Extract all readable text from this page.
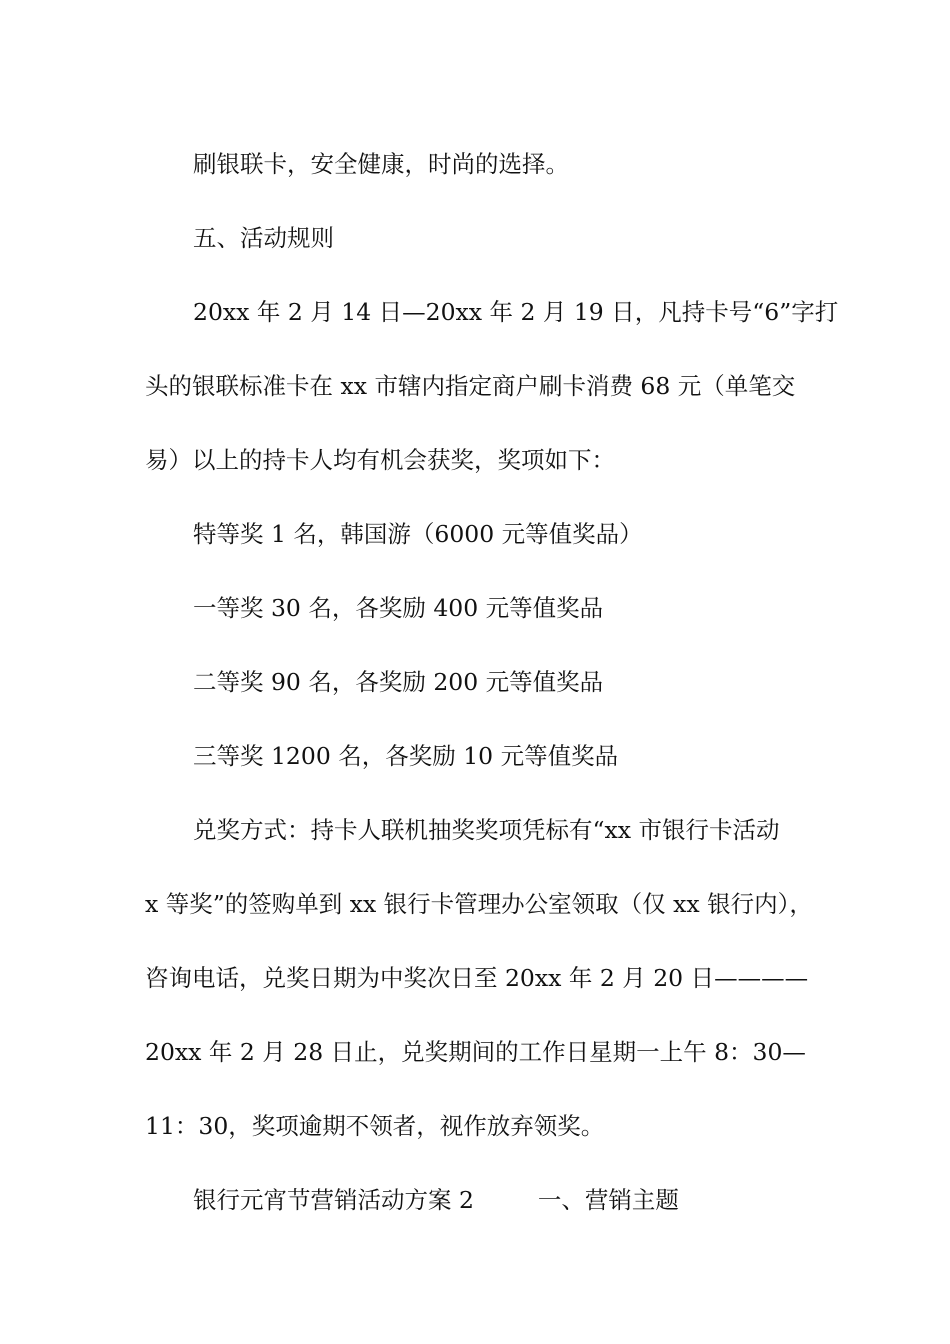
刷银联卡，安全健康，时尚的选择。
五、活动规则
20xx 年 2 月 14 日—20xx 年 2 月 19 日，凡持卡号“6”字打
头的银联标准卡在 xx 市辖内指定商户刷卡消费 68 元（单笔交
易）以上的持卡人均有机会获奖，奖项如下：
特等奖 1 名，韩国游（6000 元等值奖品）
一等奖 30 名，各奖励 400 元等值奖品
二等奖 90 名，各奖励 200 元等值奖品
三等奖 1200 名，各奖励 10 元等值奖品
兑奖方式：持卡人联机抽奖奖项凭标有“xx 市银行卡活动
x 等奖”的签购单到 xx 银行卡管理办公室领取（仅 xx 银行内），
咨询电话，兑奖日期为中奖次日至 20xx 年 2 月 20 日————
20xx 年 2 月 28 日止，兑奖期间的工作日星期一上午 8：30—
11：30，奖项逾期不领者，视作放弃领奖。
银行元宵节营销活动方案 2	一、营销主题
